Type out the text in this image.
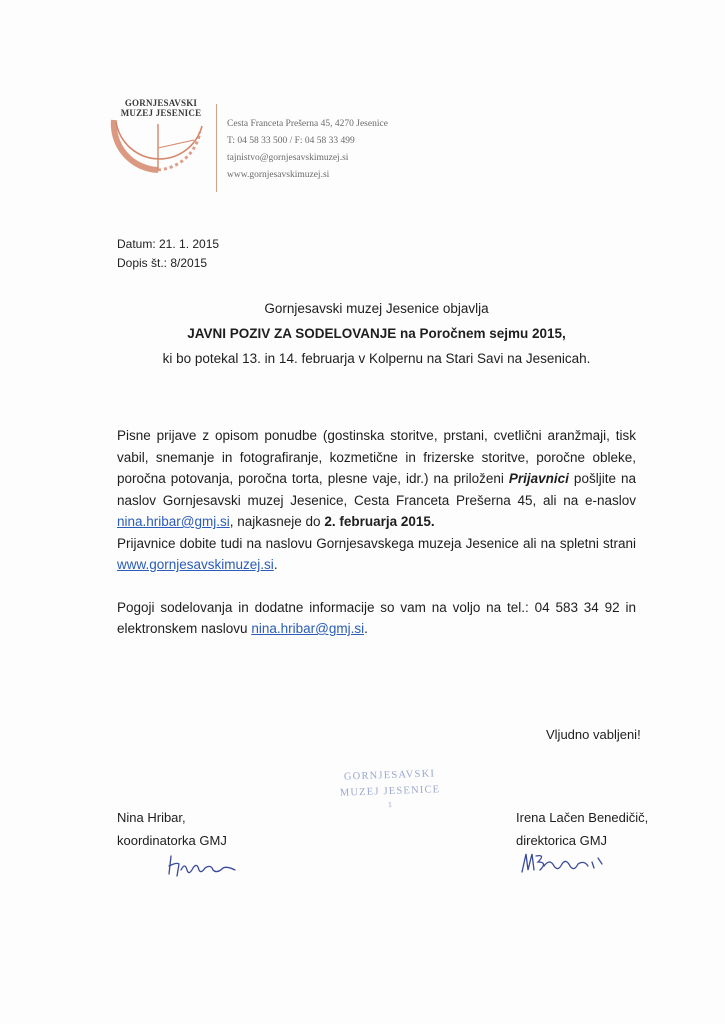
GORNJESAVSKI
MUZEJ JESENICE
Cesta Franceta Prešerna 45, 4270 Jesenice
T: 04 58 33 500 / F: 04 58 33 499
tajnistvo@gornjesavskimuzej.si
www.gornjesavskimuzej.si
Datum: 21. 1. 2015
Dopis št.: 8/2015
Gornjesavski muzej Jesenice objavlja
JAVNI POZIV ZA SODELOVANJE na Poročnem sejmu 2015,
ki bo potekal 13. in 14. februarja v Kolpernu na Stari Savi na Jesenicah.

Pisne prijave z opisom ponudbe (gostinska storitve, prstani, cvetlični aranžmaji, tisk vabil, snemanje in fotografiranje, kozmetične in frizerske storitve, poročne obleke, poročna potovanja, poročna torta, plesne vaje, idr.) na priloženi Prijavnici pošljite na naslov Gornjesavski muzej Jesenice, Cesta Franceta Prešerna 45, ali na e-naslov nina.hribar@gmj.si, najkasneje do 2. februarja 2015.

Prijavnice dobite tudi na naslovu Gornjesavskega muzeja Jesenice ali na spletni strani www.gornjesavskimuzej.si.

Pogoji sodelovanja in dodatne informacije so vam na voljo na tel.: 04 583 34 92 in elektronskem naslovu nina.hribar@gmj.si.

Vljudno vabljeni!
GORNJESAVSKI
MUZEJ JESENICE
1
Nina Hribar,
koordinatorka GMJ
Irena Lačen Benedičič,
direktorica GMJ
